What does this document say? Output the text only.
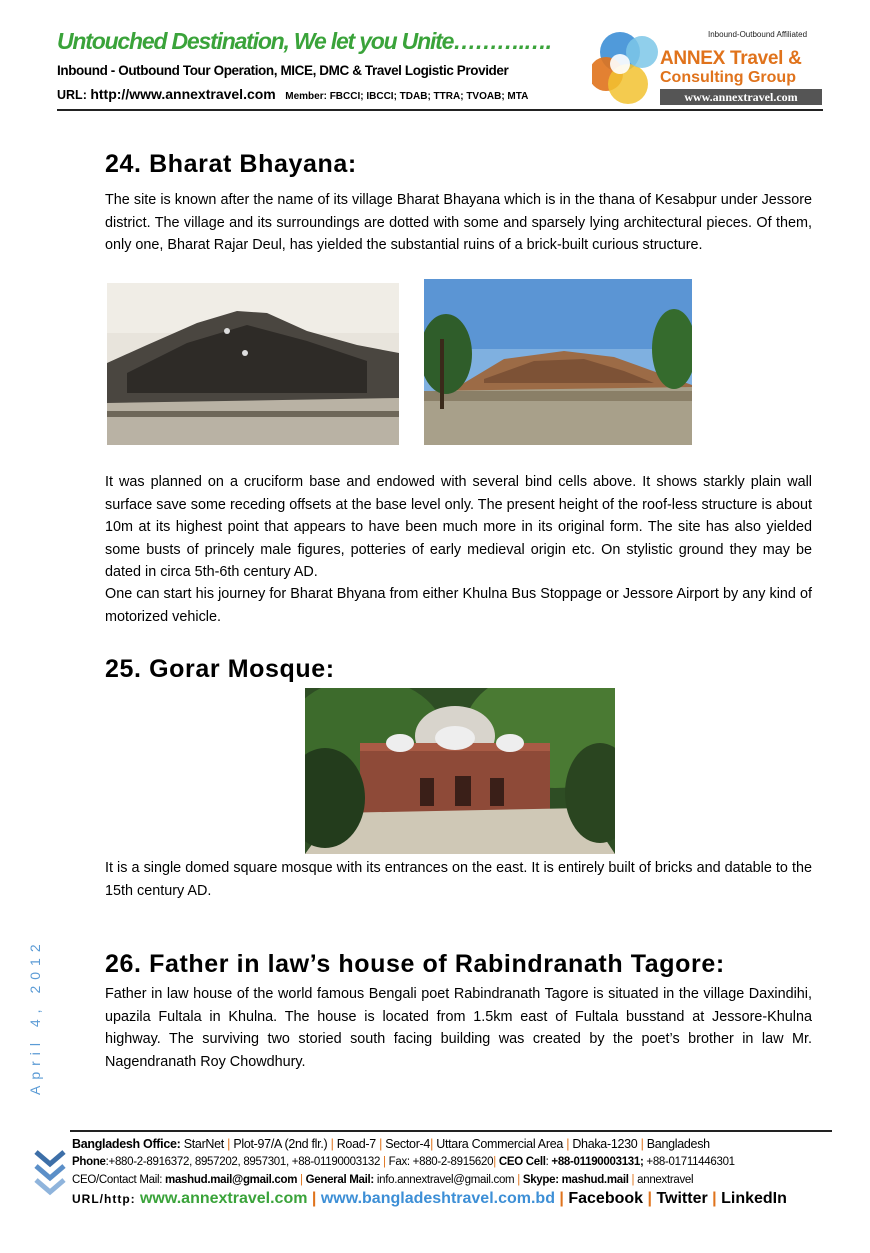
Untouched Destination, We let you Unite……….….
Inbound - Outbound Tour Operation, MICE, DMC & Travel Logistic Provider
URL: http://www.annextravel.com Member: FBCCI; IBCCI; TDAB; TTRA; TVOAB; MTA
Inbound-Outbound Affiliated
ANNEX Travel &
Consulting Group
www.annextravel.com
April 4, 2012
24. Bharat Bhayana:

The site is known after the name of its village Bharat Bhayana which is in the thana of Kesabpur under Jessore district. The village and its surroundings are dotted with some and sparsely lying architectural pieces. Of them, only one, Bharat Rajar Deul, has yielded the substantial ruins of a brick-built curious structure.

It was planned on a cruciform base and endowed with several bind cells above. It shows starkly plain wall surface save some receding offsets at the base level only. The present height of the roof-less structure is about 10m at its highest point that appears to have been much more in its original form. The site has also yielded some busts of princely male figures, potteries of early medieval origin etc. On stylistic ground they may be dated in circa 5th-6th century AD.

One can start his journey for Bharat Bhyana from either Khulna Bus Stoppage or Jessore Airport by any kind of motorized vehicle.

25. Gorar Mosque:

It is a single domed square mosque with its entrances on the east. It is entirely built of bricks and datable to the 15th century AD.

26. Father in law’s house of Rabindranath Tagore:

Father in law house of the world famous Bengali poet Rabindranath Tagore is situated in the village Daxindihi, upazila Fultala in Khulna. The house is located from 1.5km east of Fultala busstand at Jessore-Khulna highway. The surviving two storied south facing building was created by the poet’s brother in law Mr. Nagendranath Roy Chowdhury.

Bangladesh Office: StarNet | Plot-97/A (2nd flr.) | Road-7 | Sector-4| Uttara Commercial Area | Dhaka-1230 | Bangladesh
Phone:+880-2-8916372, 8957202, 8957301, +88-01190003132 | Fax: +880-2-8915620| CEO Cell: +88-01190003131; +88-01711446301
CEO/Contact Mail: mashud.mail@gmail.com | General Mail: info.annextravel@gmail.com | Skype: mashud.mail | annextravel
URL/http: www.annextravel.com | www.bangladeshtravel.com.bd | Facebook | Twitter | LinkedIn
